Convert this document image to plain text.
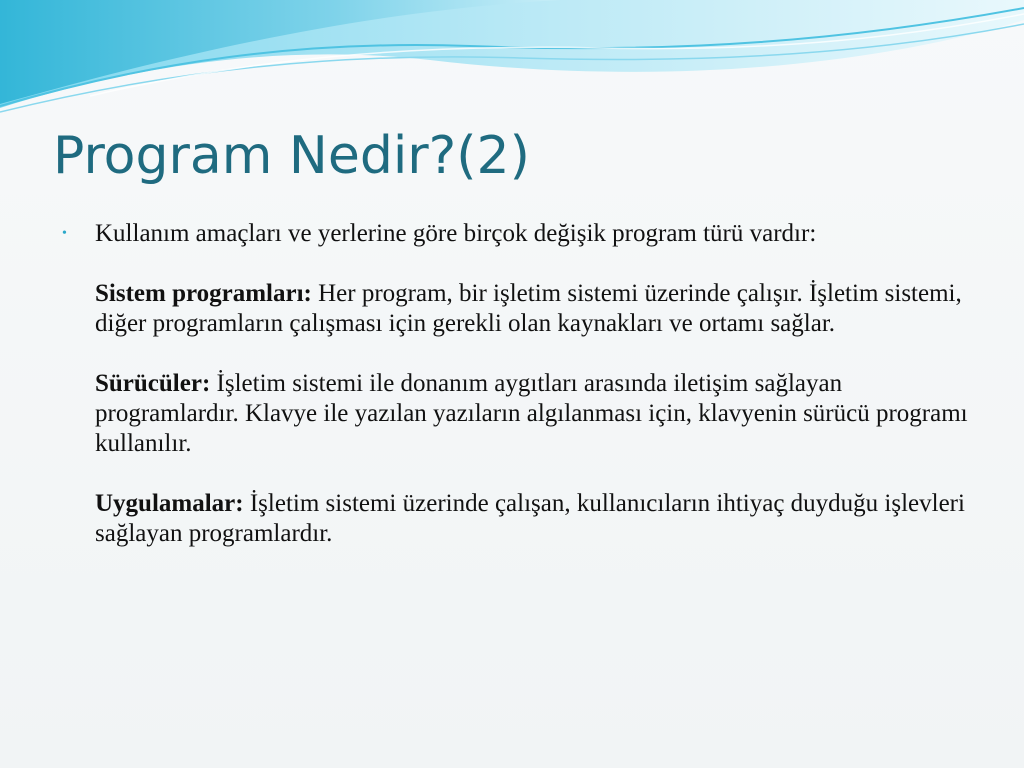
Program Nedir?(2)
•	Kullanım amaçları ve yerlerine göre birçok değişik program türü vardır:

Sistem programları: Her program, bir işletim sistemi üzerinde çalışır. İşletim sistemi, diğer programların çalışması için gerekli olan kaynakları ve ortamı sağlar.

Sürücüler: İşletim sistemi ile donanım aygıtları arasında iletişim sağlayan programlardır. Klavye ile yazılan yazıların algılanması için, klavyenin sürücü programı kullanılır.

Uygulamalar: İşletim sistemi üzerinde çalışan, kullanıcıların ihtiyaç duyduğu işlevleri sağlayan programlardır.
